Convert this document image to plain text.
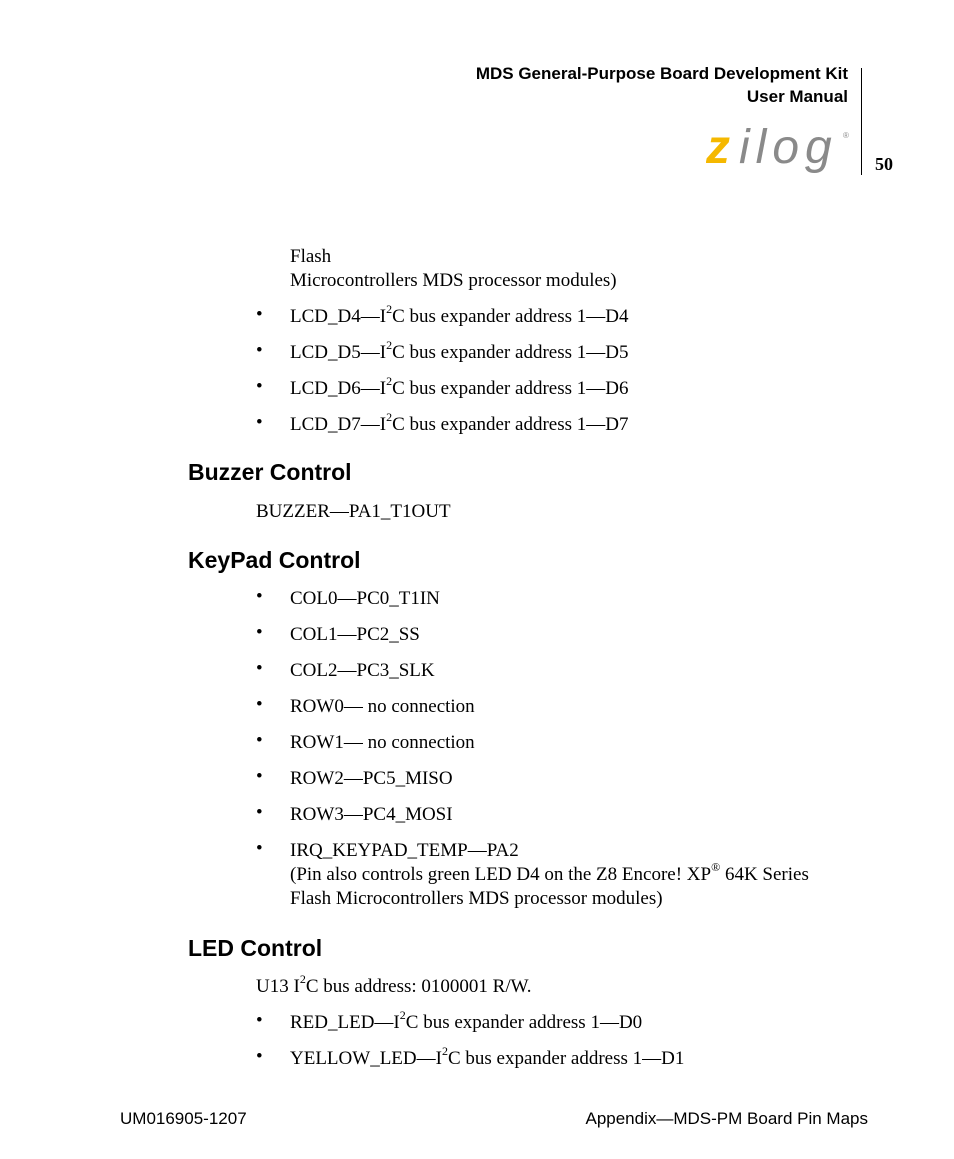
MDS General-Purpose Board Development Kit
User Manual
50
z ilog ®
Flash
Microcontrollers MDS processor modules)
• $LCD\_D4—I^2C$ bus expander address 1—D4
• $LCD\_D5—I^2C$ bus expander address 1—D5
• $LCD\_D6—I^2C$ bus expander address 1—D6
• $LCD\_D7—I^2C$ bus expander address 1—D7
Buzzer Control
BUZZER—PA1_T1OUT
KeyPad Control
• COL0—PC0_T1IN
• COL1—PC2_SS
• COL2—PC3_SLK
• ROW0— no connection
• ROW1— no connection
• ROW2—PC5_MISO
• ROW3—PC4_MOSI
• IRQ_KEYPAD_TEMP—PA2
(Pin also controls green LED D4 on the Z8 Encore! XP® 64K Series
Flash Microcontrollers MDS processor modules)
LED Control
U13 $I^2C$ bus address: 0100001 R/W.
• $RED\_LED—I^2C$ bus expander address 1—D0
• $YELLOW\_LED—I^2C$ bus expander address 1—D1
UM016905-1207	Appendix—MDS-PM Board Pin Maps
